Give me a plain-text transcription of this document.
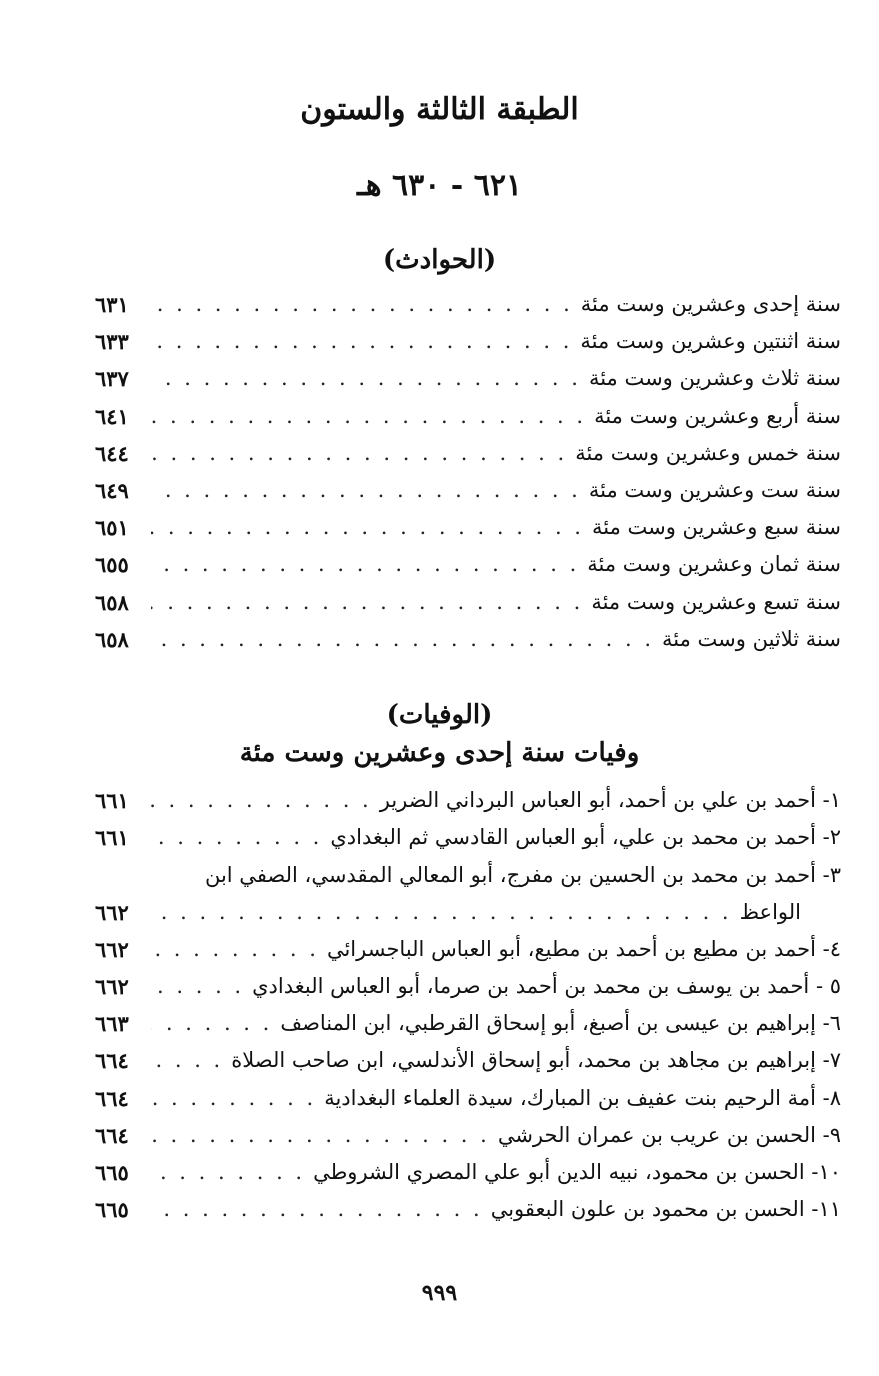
الطبقة الثالثة والستون
٦٢١ - ٦٣٠ هـ
(الحوادث)
سنة إحدى وعشرين وست مئة
. . .
٦٣١
سنة اثنتين وعشرين وست مئة
. . .
٦٣٣
سنة ثلاث وعشرين وست مئة
. . .
٦٣٧
سنة أربع وعشرين وست مئة
. . .
٦٤١
سنة خمس وعشرين وست مئة
. . .
٦٤٤
سنة ست وعشرين وست مئة
. . .
٦٤٩
سنة سبع وعشرين وست مئة
. . .
٦٥١
سنة ثمان وعشرين وست مئة
. . .
٦٥٥
سنة تسع وعشرين وست مئة
. . .
٦٥٨
سنة ثلاثين وست مئة
. . .
٦٥٨
(الوفيات)
وفيات سنة إحدى وعشرين وست مئة
١- أحمد بن علي بن أحمد، أبو العباس البرداني الضرير
. . .
٦٦١
٢- أحمد بن محمد بن علي، أبو العباس القادسي ثم البغدادي
. . .
٦٦١
٣- أحمد بن محمد بن الحسين بن مفرج، أبو المعالي المقدسي، الصفي ابن
الواعظ
. . .
٦٦٢
٤- أحمد بن مطيع بن أحمد بن مطيع، أبو العباس الباجسرائي
. . .
٦٦٢
٥ - أحمد بن يوسف بن محمد بن أحمد بن صرما، أبو العباس البغدادي
. . .
٦٦٢
٦- إبراهيم بن عيسى بن أصبغ، أبو إسحاق القرطبي، ابن المناصف
. . .
٦٦٣
٧- إبراهيم بن مجاهد بن محمد، أبو إسحاق الأندلسي، ابن صاحب الصلاة
. . .
٦٦٤
٨- أمة الرحيم بنت عفيف بن المبارك، سيدة العلماء البغدادية
. . .
٦٦٤
٩- الحسن بن عريب بن عمران الحرشي
. . .
٦٦٤
١٠- الحسن بن محمود، نبيه الدين أبو علي المصري الشروطي
. . .
٦٦٥
١١- الحسن بن محمود بن علون البعقوبي
. . .
٦٦٥
٩٩٩
